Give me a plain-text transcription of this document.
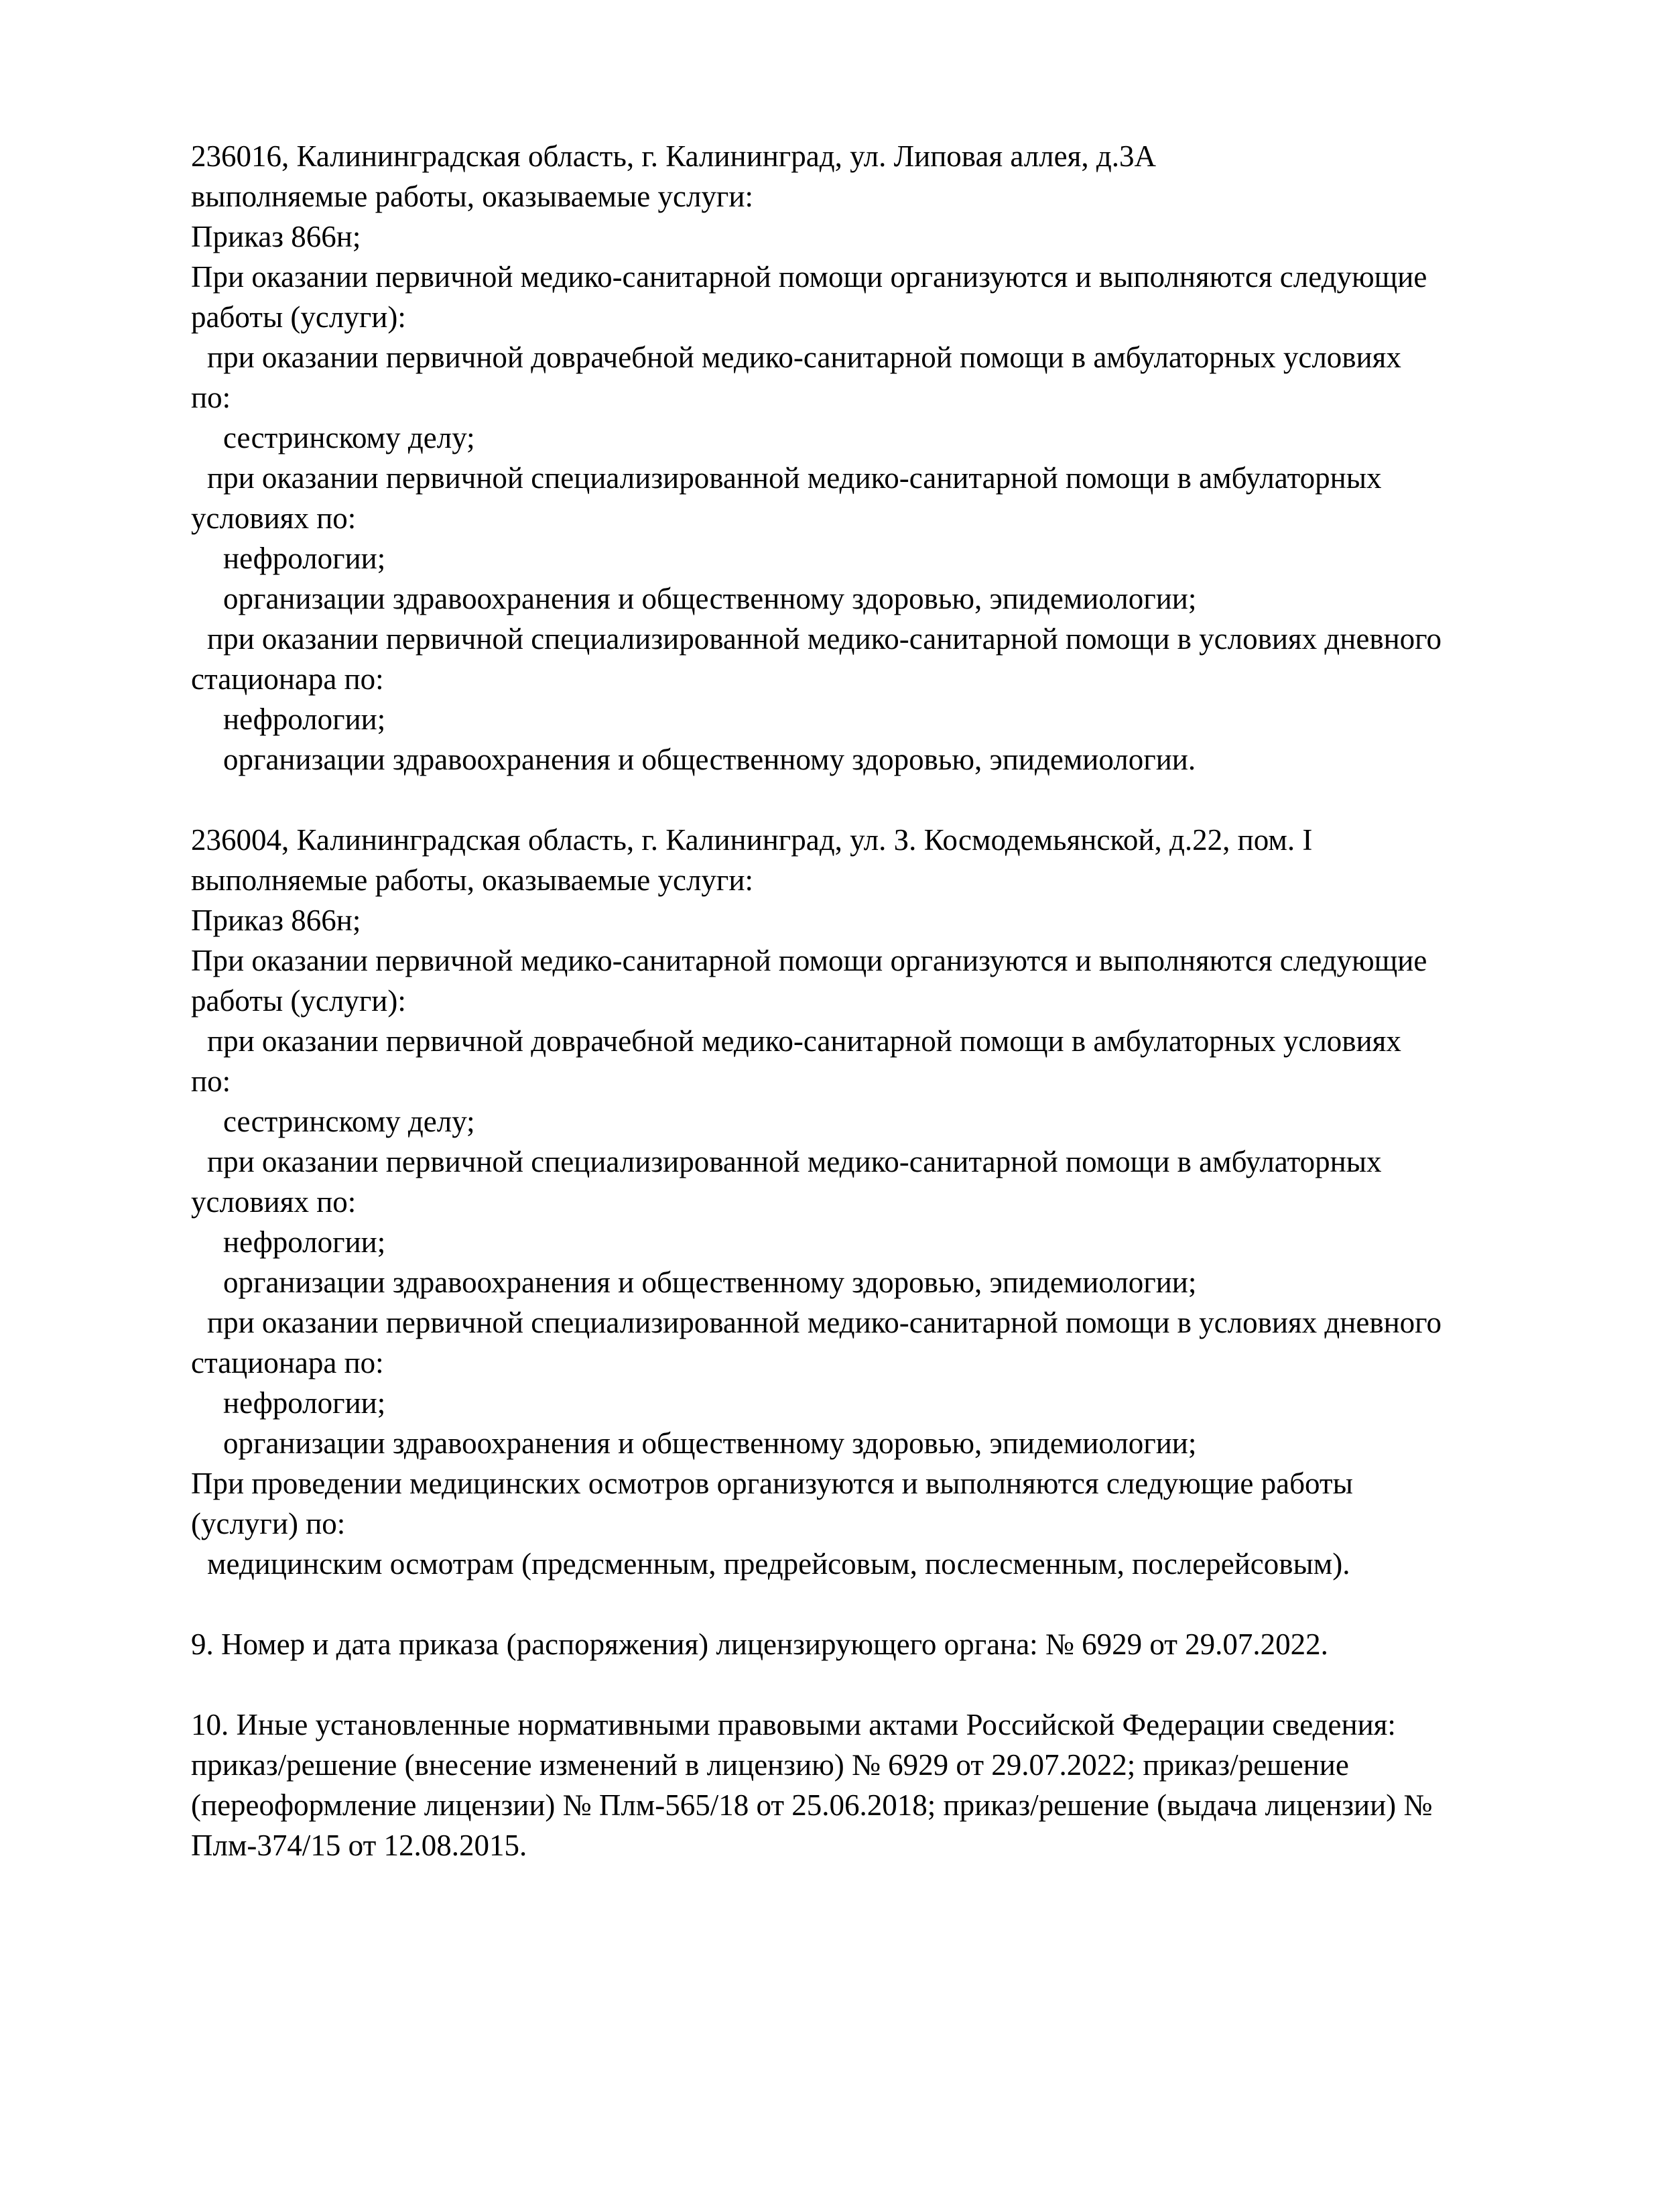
236016, Калининградская область, г. Калининград, ул. Липовая аллея, д.3А
выполняемые работы, оказываемые услуги:
Приказ 866н;
При оказании первичной медико-санитарной помощи организуются и выполняются следующие
работы (услуги):
при оказании первичной доврачебной медико-санитарной помощи в амбулаторных условиях
по:
сестринскому делу;
при оказании первичной специализированной медико-санитарной помощи в амбулаторных
условиях по:
нефрологии;
организации здравоохранения и общественному здоровью, эпидемиологии;
при оказании первичной специализированной медико-санитарной помощи в условиях дневного
стационара по:
нефрологии;
организации здравоохранения и общественному здоровью, эпидемиологии.
236004, Калининградская область, г. Калининград, ул. З. Космодемьянской, д.22, пом. I
выполняемые работы, оказываемые услуги:
Приказ 866н;
При оказании первичной медико-санитарной помощи организуются и выполняются следующие
работы (услуги):
при оказании первичной доврачебной медико-санитарной помощи в амбулаторных условиях
по:
сестринскому делу;
при оказании первичной специализированной медико-санитарной помощи в амбулаторных
условиях по:
нефрологии;
организации здравоохранения и общественному здоровью, эпидемиологии;
при оказании первичной специализированной медико-санитарной помощи в условиях дневного
стационара по:
нефрологии;
организации здравоохранения и общественному здоровью, эпидемиологии;
При проведении медицинских осмотров организуются и выполняются следующие работы
(услуги) по:
медицинским осмотрам (предсменным, предрейсовым, послесменным, послерейсовым).
9. Номер и дата приказа (распоряжения) лицензирующего органа: № 6929 от 29.07.2022.
10. Иные установленные нормативными правовыми актами Российской Федерации сведения:
приказ/решение (внесение изменений в лицензию) № 6929 от 29.07.2022; приказ/решение
(переоформление лицензии) № Плм-565/18 от 25.06.2018; приказ/решение (выдача лицензии) №
Плм-374/15 от 12.08.2015.
